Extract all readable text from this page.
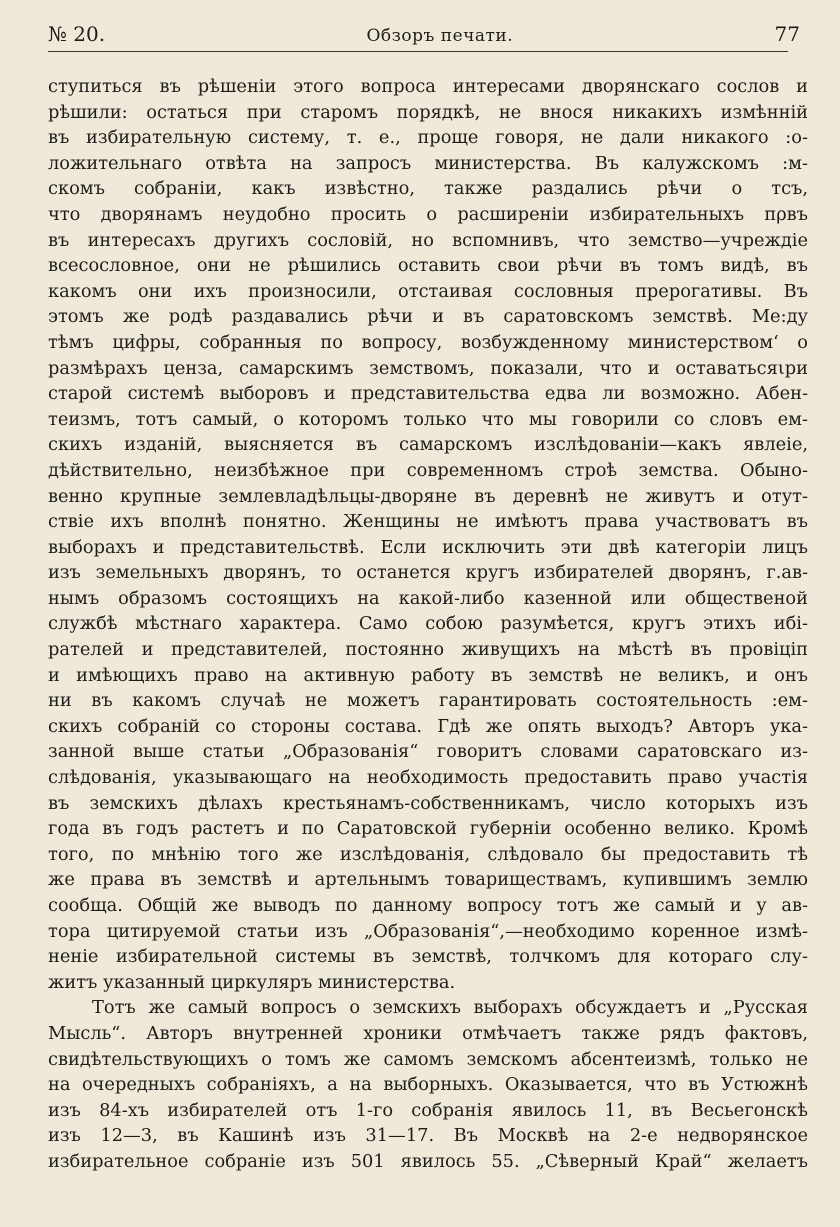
№ 20.	Обзоръ печати.	77
ступиться въ рѣшеніи этого вопроса интересами дворянскаго сослов и
рѣшили: остаться при старомъ порядкѣ, не внося никакихъ измѣнній
въ избирательную систему, т. е., проще говоря, не дали никакого :о-
ложительнаго отвѣта на запросъ министерства. Въ калужскомъ :м-
скомъ собраніи, какъ извѣстно, также раздались рѣчи о тсъ,
что дворянамъ неудобно просить о расширеніи избирательныхъ пρвъ
въ интересахъ другихъ сословій, но вспомнивъ, что земство—учреждіе
всесословное, они не рѣшились оставить свои рѣчи въ томъ видѣ, въ
какомъ они ихъ произносили, отстаивая сословныя прерогативы. Въ
этомъ же родѣ раздавались рѣчи и въ саратовскомъ земствѣ. Ме:ду
тѣмъ цифры, собранныя по вопросу, возбужденному министерствомʻ о
размѣрахъ ценза, самарскимъ земствомъ, показали, что и оставатьсяιри
старой системѣ выборовъ и представительства едва ли возможно. Абен-
теизмъ, тотъ самый, о которомъ только что мы говорили со словъ ем-
скихъ изданій, выясняется въ самарскомъ изслѣдованіи—какъ явлеіе,
дѣйствительно, неизбѣжное при современномъ строѣ земства. Обыно-
венно крупные землевладѣльцы-дворяне въ деревнѣ не живутъ и отут-
ствіе ихъ вполнѣ понятно. Женщины не имѣютъ права участвоватъ въ
выборахъ и представительствѣ. Если исключить эти двѣ категоріи лицъ
изъ земельныхъ дворянъ, то останется кругъ избирателей дворянъ, г.ав-
нымъ образомъ состоящихъ на какой-либо казенной или общественой
службѣ мѣстнаго характера. Само собою разумѣется, кругъ этихъ ибі-
рателей и представителей, постоянно живущихъ на мѣстѣ въ провіціп
и имѣющихъ право на активную работу въ земствѣ не великъ, и онъ
ни въ какомъ случаѣ не можетъ гарантировать состоятельность :ем-
скихъ собраній со стороны состава. Гдѣ же опять выходъ? Авторъ ука-
занной выше статьи „Образованія“ говоритъ словами саратовскаго из-
слѣдованія, указывающаго на необходимость предоставить право участія
въ земскихъ дѣлахъ крестьянамъ-собственникамъ, число которыхъ изъ
года въ годъ растетъ и по Саратовской губерніи особенно велико. Кромѣ
того, по мнѣнію того же изслѣдованія, слѣдовало бы предоставить тѣ
же права въ земствѣ и артельнымъ товариществамъ, купившимъ землю
сообща. Общій же выводъ по данному вопросу тотъ же самый и у ав-
тора цитируемой статьи изъ „Образованія“,—необходимо коренное измѣ-
неніе избирательной системы въ земствѣ, толчкомъ для котораго слу-
житъ указанный циркуляръ министерства.
Тотъ же самый вопросъ о земскихъ выборахъ обсуждаетъ и „Русская
Мысль“. Авторъ внутренней хроники отмѣчаетъ также рядъ фактовъ,
свидѣтельствующихъ о томъ же самомъ земскомъ абсентеизмѣ, только не
на очередныхъ собраніяхъ, а на выборныхъ. Оказывается, что въ Устюжнѣ
изъ 84-хъ избирателей отъ 1-го собранія явилось 11, въ Весьегонскѣ
изъ 12—3, въ Кашинѣ изъ 31—17. Въ Москвѣ на 2-е недворянское
избирательное собраніе изъ 501 явилось 55. „Сѣверный Край“ желаетъ
